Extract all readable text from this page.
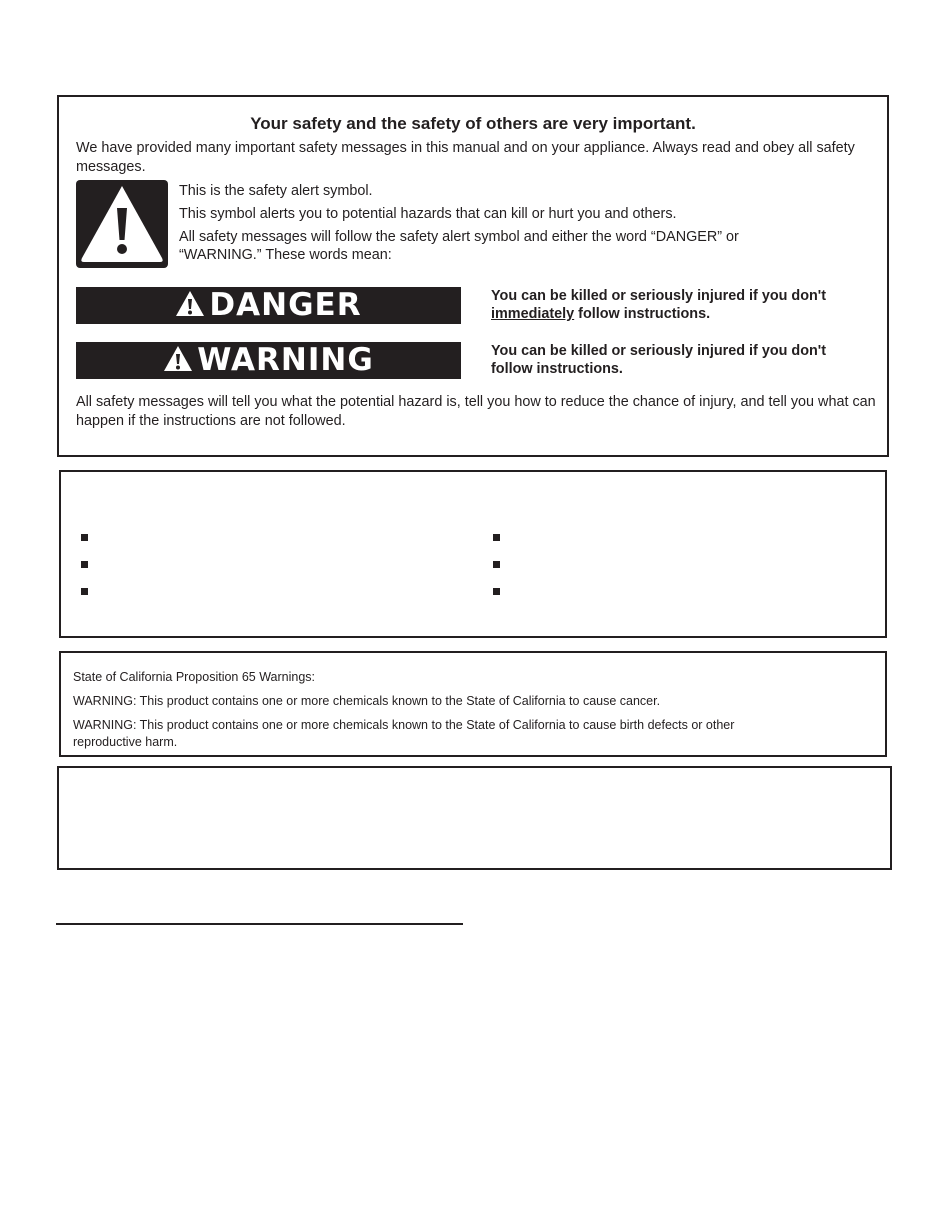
Your safety and the safety of others are very important.
We have provided many important safety messages in this manual and on your appliance. Always read and obey all safety messages.
This is the safety alert symbol.
This symbol alerts you to potential hazards that can kill or hurt you and others.
All safety messages will follow the safety alert symbol and either the word “DANGER” or
“WARNING.” These words mean:
DANGER	You can be killed or seriously injured if you don't
immediately follow instructions.
WARNING	You can be killed or seriously injured if you don't
follow instructions.
All safety messages will tell you what the potential hazard is, tell you how to reduce the chance of injury, and tell you what can happen if the instructions are not followed.
State of California Proposition 65 Warnings:
WARNING: This product contains one or more chemicals known to the State of California to cause cancer.
WARNING: This product contains one or more chemicals known to the State of California to cause birth defects or other
reproductive harm.
